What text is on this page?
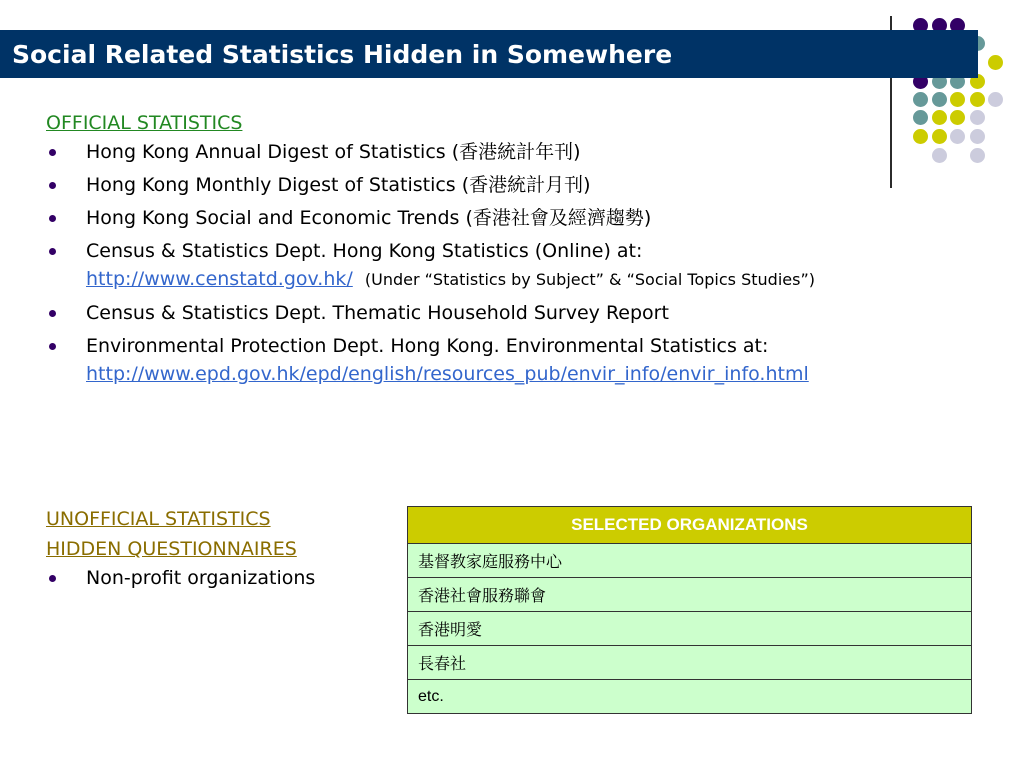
Social Related Statistics Hidden in Somewhere
OFFICIAL STATISTICS
Hong Kong Annual Digest of Statistics (香港統計年刊)
Hong Kong Monthly Digest of Statistics (香港統計月刊)
Hong Kong Social and Economic Trends (香港社會及經濟趨勢)
Census & Statistics Dept. Hong Kong Statistics (Online) at:
http://www.censtatd.gov.hk/ (Under “Statistics by Subject” & “Social Topics Studies”)
Census & Statistics Dept. Thematic Household Survey Report
Environmental Protection Dept. Hong Kong. Environmental Statistics at:
http://www.epd.gov.hk/epd/english/resources_pub/envir_info/envir_info.html
UNOFFICIAL STATISTICS
HIDDEN QUESTIONNAIRES
Non-profit organizations
SELECTED ORGANIZATIONS
基督教家庭服務中心
香港社會服務聯會
香港明愛
長春社
etc.
